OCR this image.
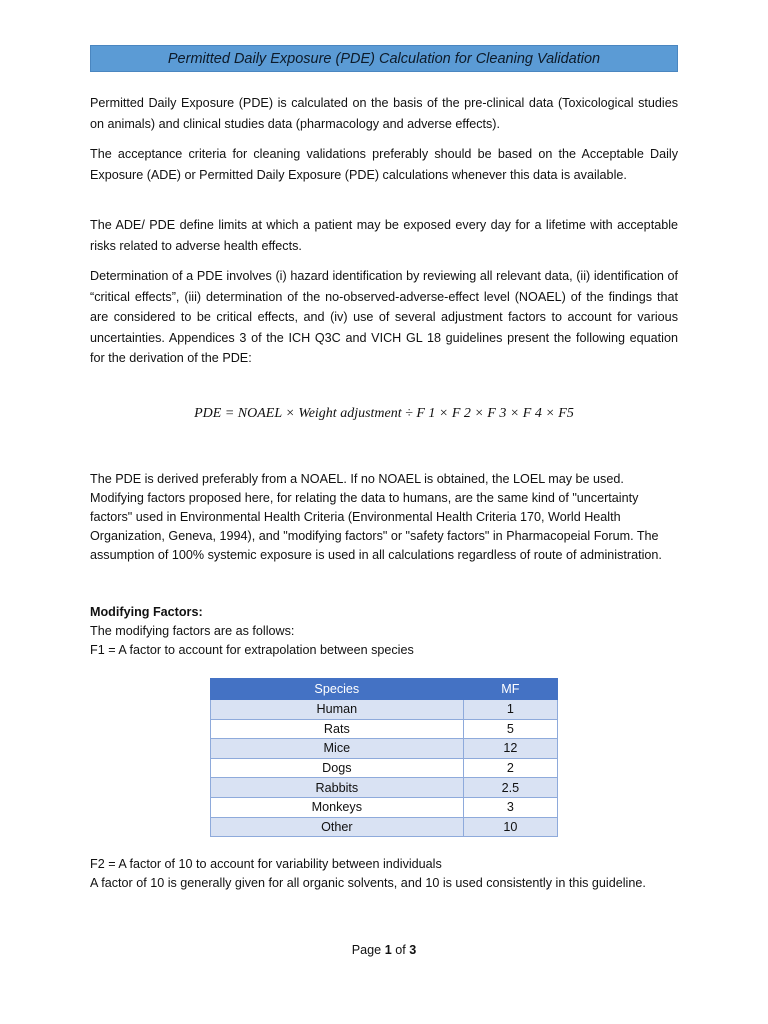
Permitted Daily Exposure (PDE) Calculation for Cleaning Validation

Permitted Daily Exposure (PDE) is calculated on the basis of the pre-clinical data (Toxicological studies on animals) and clinical studies data (pharmacology and adverse effects).

The acceptance criteria for cleaning validations preferably should be based on the Acceptable Daily Exposure (ADE) or Permitted Daily Exposure (PDE) calculations whenever this data is available.

The ADE/ PDE define limits at which a patient may be exposed every day for a lifetime with acceptable risks related to adverse health effects.

Determination of a PDE involves (i) hazard identification by reviewing all relevant data, (ii) identification of “critical effects”, (iii) determination of the no-observed-adverse-effect level (NOAEL) of the findings that are considered to be critical effects, and (iv) use of several adjustment factors to account for various uncertainties. Appendices 3 of the ICH Q3C and VICH GL 18 guidelines present the following equation for the derivation of the PDE:

PDE = NOAEL × Weight adjustment ÷ F 1 × F 2 × F 3 × F 4 × F5

The PDE is derived preferably from a NOAEL. If no NOAEL is obtained, the LOEL may be used. Modifying factors proposed here, for relating the data to humans, are the same kind of "uncertainty factors" used in Environmental Health Criteria (Environmental Health Criteria 170, World Health Organization, Geneva, 1994), and "modifying factors" or "safety factors" in Pharmacopeial Forum. The assumption of 100% systemic exposure is used in all calculations regardless of route of administration.

Modifying Factors:

The modifying factors are as follows:

F1 = A factor to account for extrapolation between species

Species	MF
Human	1
Rats	5
Mice	12
Dogs	2
Rabbits	2.5
Monkeys	3
Other	10

F2 = A factor of 10 to account for variability between individuals

A factor of 10 is generally given for all organic solvents, and 10 is used consistently in this guideline.

Page 1 of 3
